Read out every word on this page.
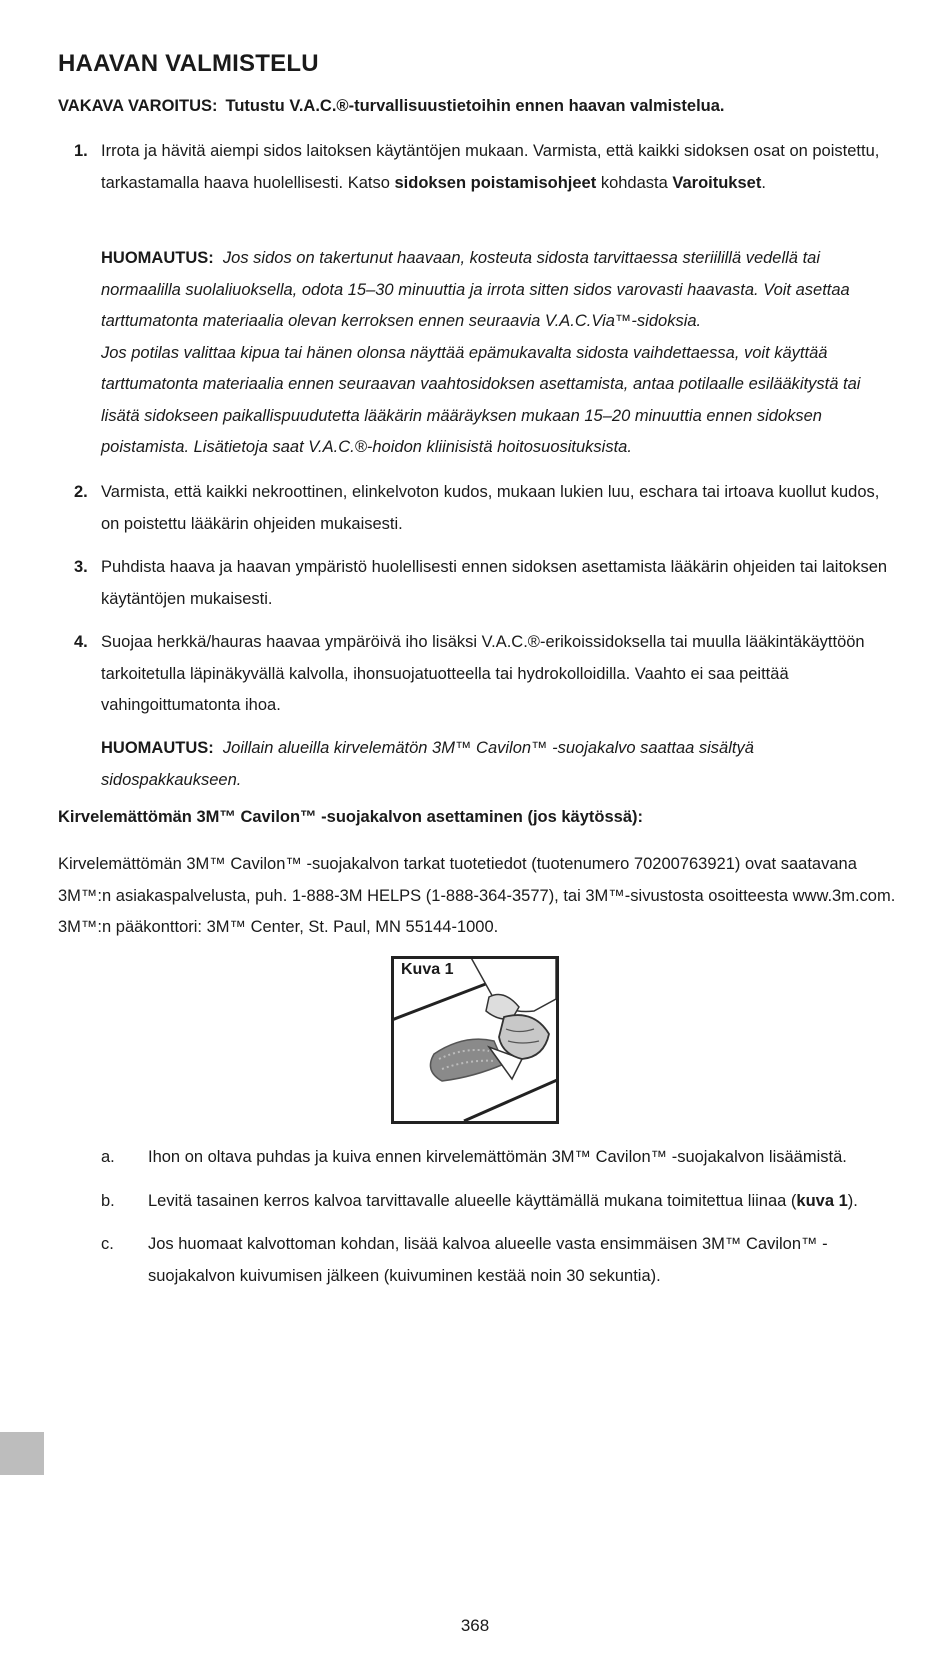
HAAVAN VALMISTELU

VAKAVA VAROITUS: Tutustu V.A.C.®-turvallisuustietoihin ennen haavan valmistelua.

1. Irrota ja hävitä aiempi sidos laitoksen käytäntöjen mukaan. Varmista, että kaikki sidoksen osat on poistettu, tarkastamalla haava huolellisesti. Katso sidoksen poistamisohjeet kohdasta Varoitukset.
HUOMAUTUS: Jos sidos on takertunut haavaan, kosteuta sidosta tarvittaessa steriilillä vedellä tai normaalilla suolaliuoksella, odota 15–30 minuuttia ja irrota sitten sidos varovasti haavasta. Voit asettaa tarttumatonta materiaalia olevan kerroksen ennen seuraavia V.A.C.Via™-sidoksia.
Jos potilas valittaa kipua tai hänen olonsa näyttää epämukavalta sidosta vaihdettaessa, voit käyttää tarttumatonta materiaalia ennen seuraavan vaahtosidoksen asettamista, antaa potilaalle esilääkitystä tai lisätä sidokseen paikallispuudutetta lääkärin määräyksen mukaan 15–20 minuuttia ennen sidoksen poistamista. Lisätietoja saat V.A.C.®-hoidon kliinisistä hoitosuosituksista.
2. Varmista, että kaikki nekroottinen, elinkelvoton kudos, mukaan lukien luu, eschara tai irtoava kuollut kudos, on poistettu lääkärin ohjeiden mukaisesti.
3. Puhdista haava ja haavan ympäristö huolellisesti ennen sidoksen asettamista lääkärin ohjeiden tai laitoksen käytäntöjen mukaisesti.
4. Suojaa herkkä/hauras haavaa ympäröivä iho lisäksi V.A.C.®-erikoissidoksella tai muulla lääkintäkäyttöön tarkoitetulla läpinäkyvällä kalvolla, ihonsuojatuotteella tai hydrokolloidilla. Vaahto ei saa peittää vahingoittumatonta ihoa.
HUOMAUTUS: Joillain alueilla kirvelemätön 3M™ Cavilon™ -suojakalvo saattaa sisältyä sidospakkaukseen.
Kirvelemättömän 3M™ Cavilon™ -suojakalvon asettaminen (jos käytössä):
Kirvelemättömän 3M™ Cavilon™ -suojakalvon tarkat tuotetiedot (tuotenumero 70200763921) ovat saatavana 3M™:n asiakaspalvelusta, puh. 1-888-3M HELPS (1-888-364-3577), tai 3M™-sivustosta osoitteesta www.3m.com. 3M™:n pääkonttori: 3M™ Center, St. Paul, MN 55144-1000.
Kuva 1
a. Ihon on oltava puhdas ja kuiva ennen kirvelemättömän 3M™ Cavilon™ -suojakalvon lisäämistä.
b. Levitä tasainen kerros kalvoa tarvittavalle alueelle käyttämällä mukana toimitettua liinaa (kuva 1).
c. Jos huomaat kalvottoman kohdan, lisää kalvoa alueelle vasta ensimmäisen 3M™ Cavilon™ -suojakalvon kuivumisen jälkeen (kuivuminen kestää noin 30 sekuntia).
368
